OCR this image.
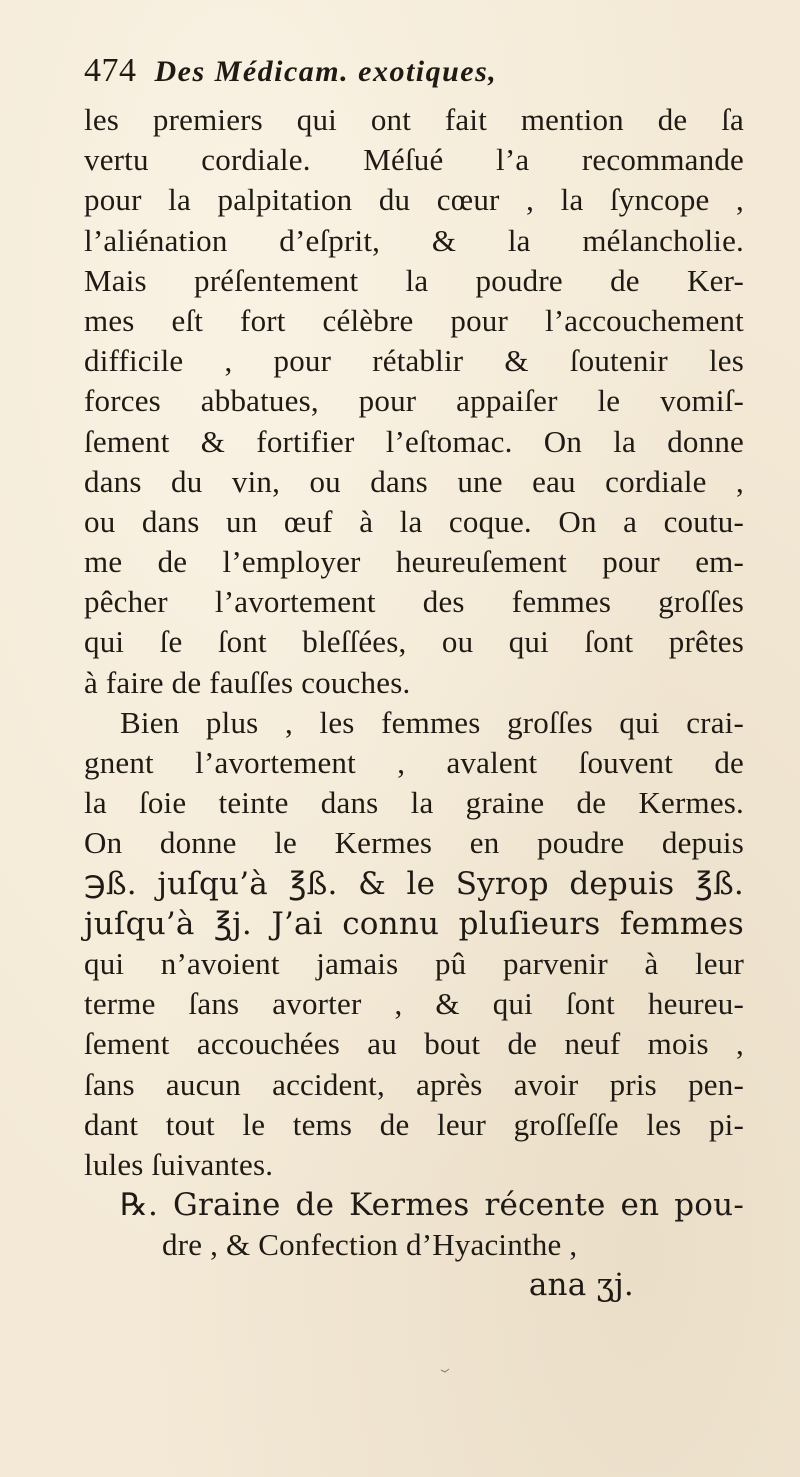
474 Des Médicam. exotiques,
les premiers qui ont fait mention de ſa
vertu cordiale. Méſué l’a recommande
pour la palpitation du cœur , la ſyncope ,
l’aliénation d’eſprit, & la mélancholie.
Mais préſentement la poudre de Ker-
mes eſt fort célèbre pour l’accouchement
difficile , pour rétablir & ſoutenir les
forces abbatues, pour appaiſer le vomiſ-
ſement & fortifier l’eſtomac. On la donne
dans du vin, ou dans une eau cordiale ,
ou dans un œuf à la coque. On a coutu-
me de l’employer heureuſement pour em-
pêcher l’avortement des femmes groſſes
qui ſe ſont bleſſées, ou qui ſont prêtes
à faire de fauſſes couches.
Bien plus , les femmes groſſes qui crai-
gnent l’avortement , avalent ſouvent de
la ſoie teinte dans la graine de Kermes.
On donne le Kermes en poudre depuis
℈ß. juſqu’à ℥ß. & le Syrop depuis ℥ß.
juſqu’à ℥j. J’ai connu pluſieurs femmes
qui n’avoient jamais pû parvenir à leur
terme ſans avorter , & qui ſont heureu-
ſement accouchées au bout de neuf mois ,
ſans aucun accident, après avoir pris pen-
dant tout le tems de leur groſſeſſe les pi-
lules ſuivantes.
℞. Graine de Kermes récente en pou-
dre , & Confection d’Hyacinthe ,
ana ʒj.
